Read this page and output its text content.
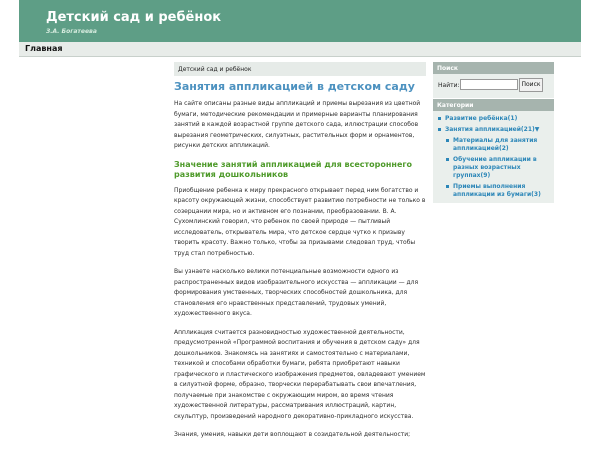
Детский сад и ребёнок
З.А. Богатеева
Главная
Детский сад и ребёнок
Занятия аппликацией в детском саду

На сайте описаны разные виды аппликаций и приемы вырезания из цветной бумаги, методические рекомендации и примерные варианты планирования занятий в каждой возрастной группе детского сада, иллюстрации способов вырезания геометрических, силуэтных, растительных форм и орнаментов, рисунки детских аппликаций.

Значение занятий аппликацией для всестороннего развития дошкольников

Приобщение ребенка к миру прекрасного открывает перед ним богатство и красоту окружающей жизни, способствует развитию потребности не только в созерцании мира, но и активном его познании, преобразовании. В. А. Сухомлинский говорил, что ребенок по своей природе — пытливый исследователь, открыватель мира, что детское сердце чутко к призыву творить красоту. Важно только, чтобы за призывами следовал труд, чтобы труд стал потребностью.

Вы узнаете насколько велики потенциальные возможности одного из распространенных видов изобразительного искусства — аппликации — для формирования умственных, творческих способностей дошкольника, для становления его нравственных представлений, трудовых умений, художественного вкуса.

Аппликация считается разновидностью художественной деятельности, предусмотренной «Программой воспитания и обучения в детском саду» для дошкольников. Знакомясь на занятиях и самостоятельно с материалами, техникой и способами обработки бумаги, ребята приобретают навыки графического и пластического изображения предметов, овладевают умением в силуэтной форме, образно, творчески перерабатывать свои впечатления, получаемые при знакомстве с окружающим миром, во время чтения художественной литературы, рассматривания иллюстраций, картин, скульптур, произведений народного декоративно-прикладного искусства.

Знания, умения, навыки дети воплощают в созидательной деятельности;

Поиск
Найти:	Поиск
Категории
Развитие ребёнка(1)
Занятия аппликацией(21)▼
Материалы для занятия аппликацией(2)
Обучение аппликации в разных возрастных группах(9)
Приемы выполнения аппликации из бумаги(3)
